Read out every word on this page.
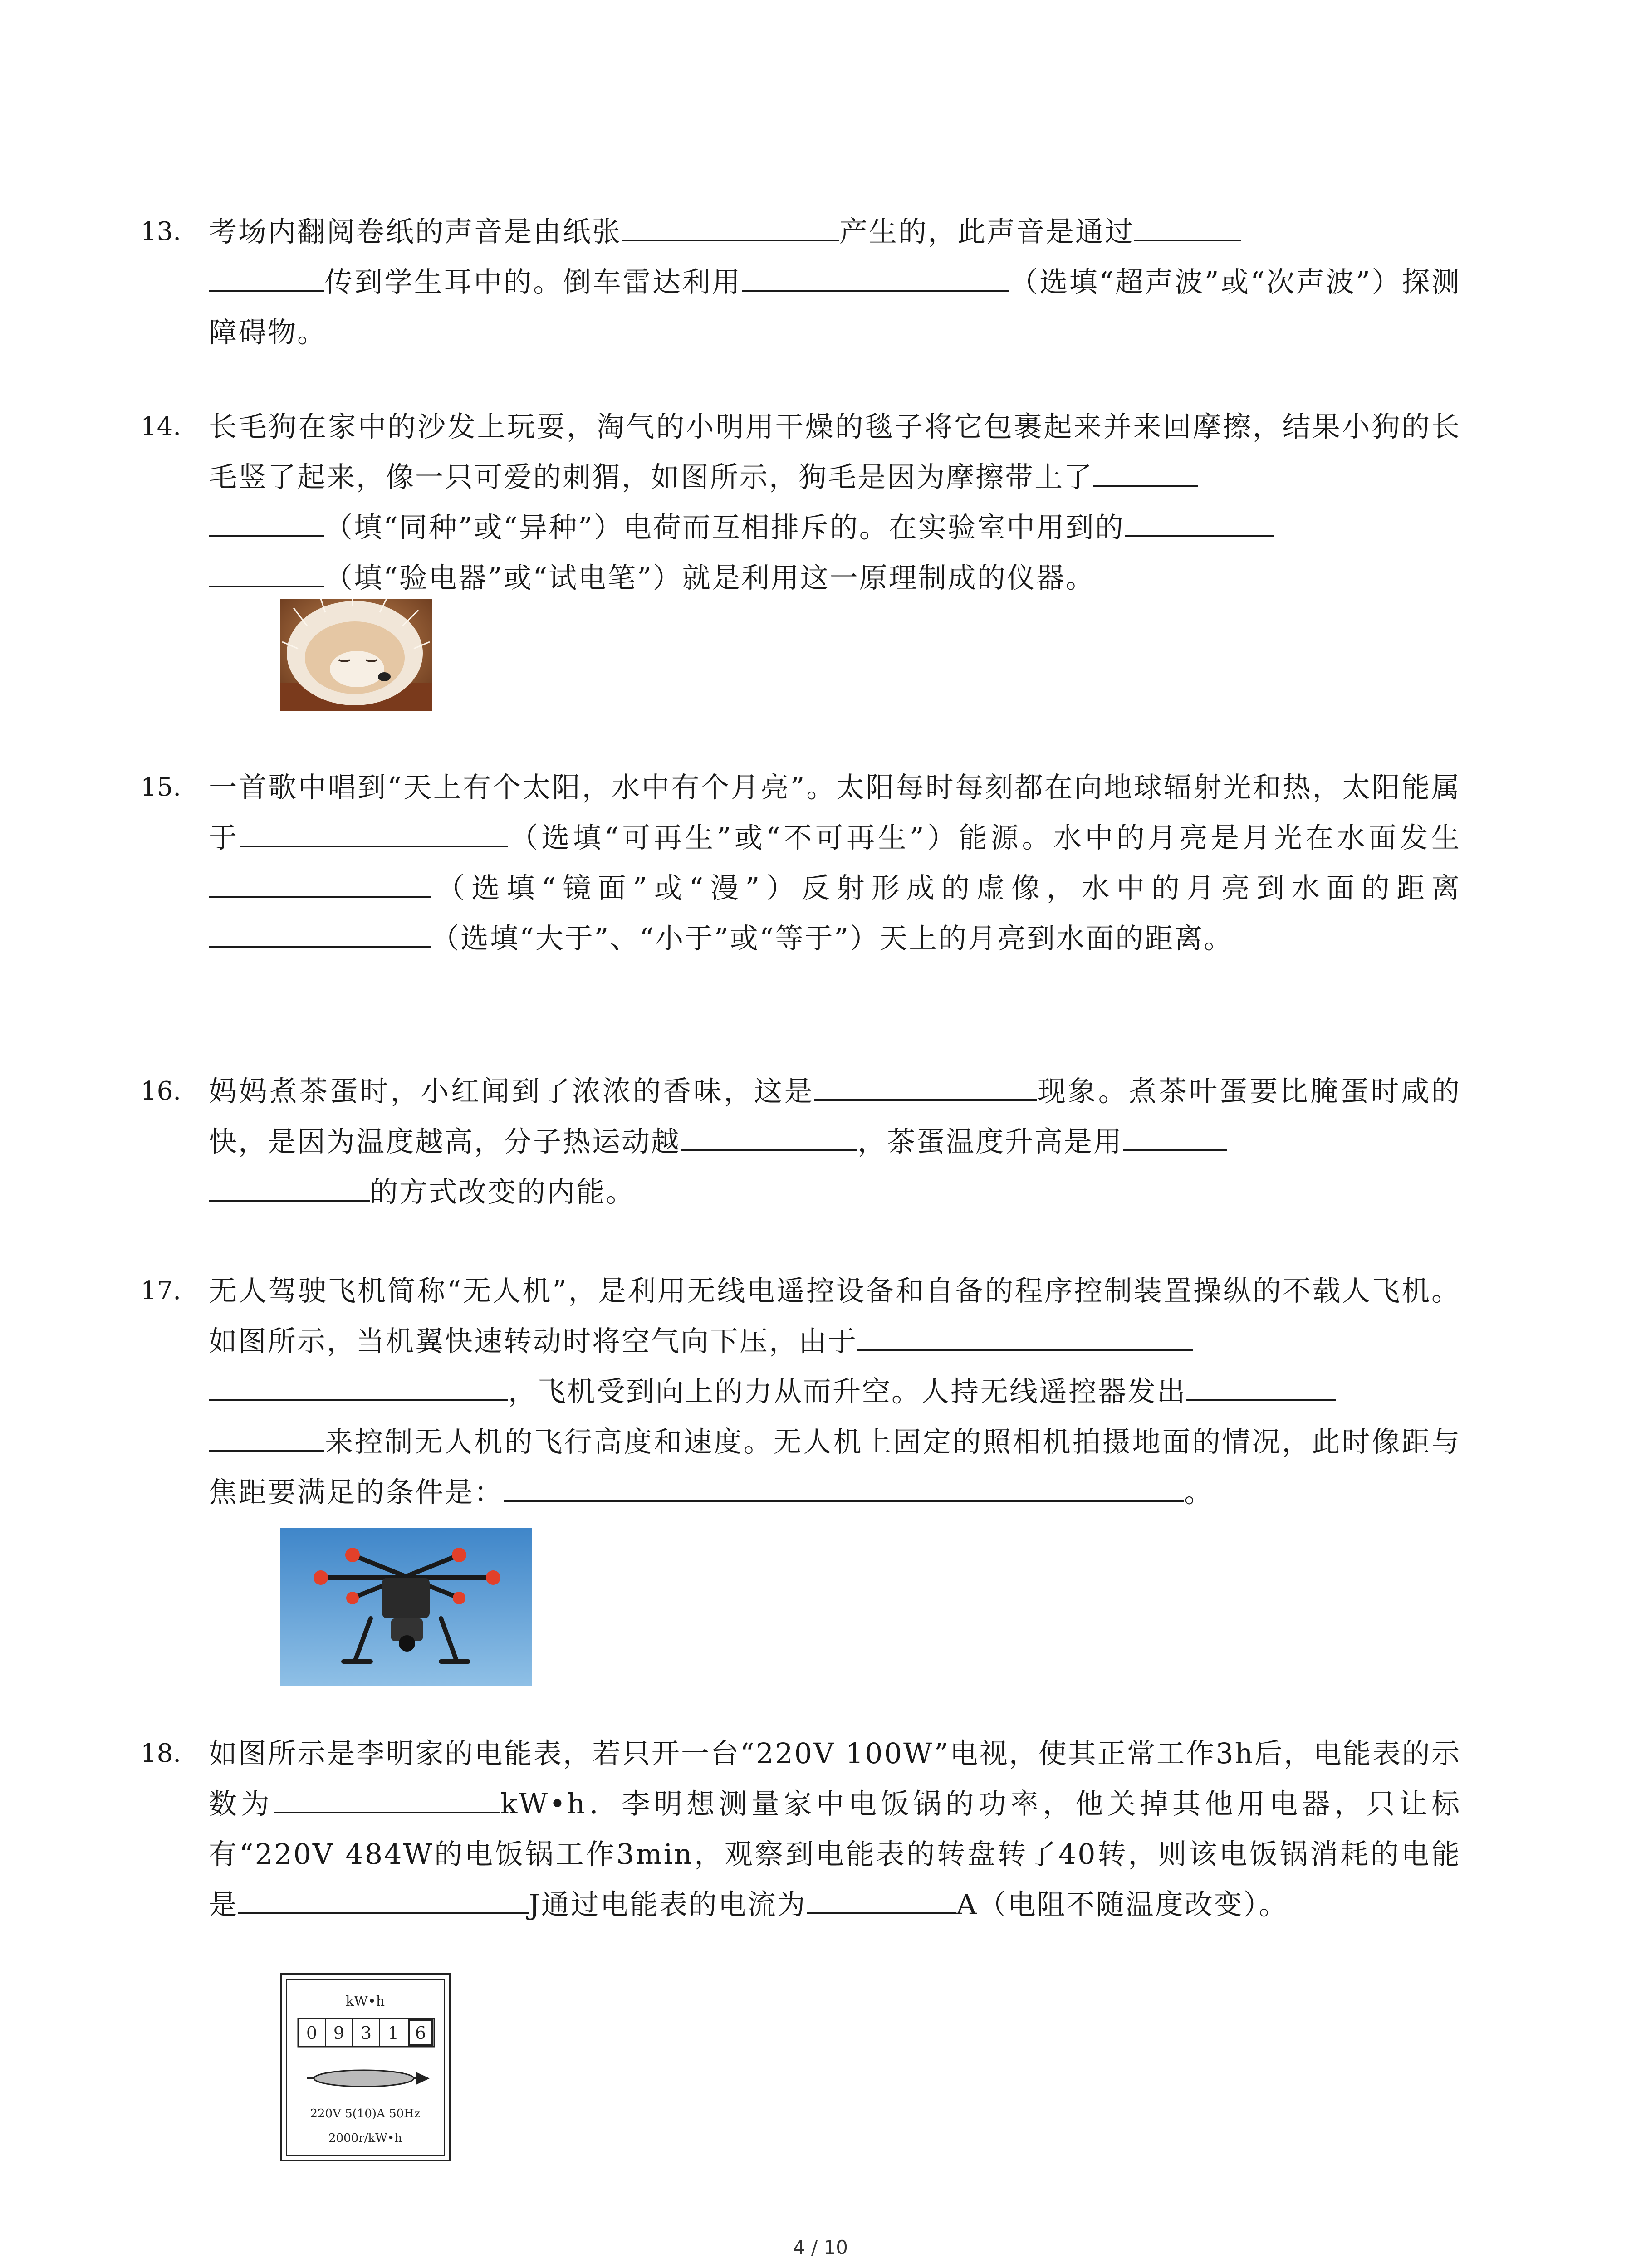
13. 考场内翻阅卷纸的声音是由纸张	产生的，此声音是通过
传到学生耳中的。倒车雷达利用	（选填“超声波”或“次声波”）探测障碍物。
14. 长毛狗在家中的沙发上玩耍，淘气的小明用干燥的毯子将它包裹起来并来回摩擦，结果小狗的长毛竖了起来，像一只可爱的刺猬，如图所示，狗毛是因为摩擦带上了
（填“同种”或“异种”）电荷而互相排斥的。在实验室中用到的
（填“验电器”或“试电笔”）就是利用这一原理制成的仪器。
15. 一首歌中唱到“天上有个太阳，水中有个月亮”。太阳每时每刻都在向地球辐射光和热，太阳能属于	（选填“可再生”或“不可再生”）能源。水中的月亮是月光在水面发生（选填“镜面”或“漫”）反射形成的虚像，水中的月亮到水面的距离（选填“大于”、“小于”或“等于”）天上的月亮到水面的距离。
16. 妈妈煮茶蛋时，小红闻到了浓浓的香味，这是	现象。煮茶叶蛋要比腌蛋时咸的快，是因为温度越高，分子热运动越	，茶蛋温度升高是用
的方式改变的内能。
17. 无人驾驶飞机简称“无人机”，是利用无线电遥控设备和自备的程序控制装置操纵的不载人飞机。如图所示，当机翼快速转动时将空气向下压，由于
，飞机受到向上的力从而升空。人持无线遥控器发出
来控制无人机的飞行高度和速度。无人机上固定的照相机拍摄地面的情况，此时像距与焦距要满足的条件是：	。
18. 如图所示是李明家的电能表，若只开一台“220V 100W”电视，使其正常工作3h后，电能表的示数为	kW•h．李明想测量家中电饭锅的功率，他关掉其他用电器，只让标有“220V 484W的电饭锅工作3min，观察到电能表的转盘转了40转，则该电饭锅消耗的电能是	J通过电能表的电流为	A（电阻不随温度改变）。
kW•h
0 9 3 1 6
220V 5(10)A 50Hz
2000r/kW•h
4 / 10
